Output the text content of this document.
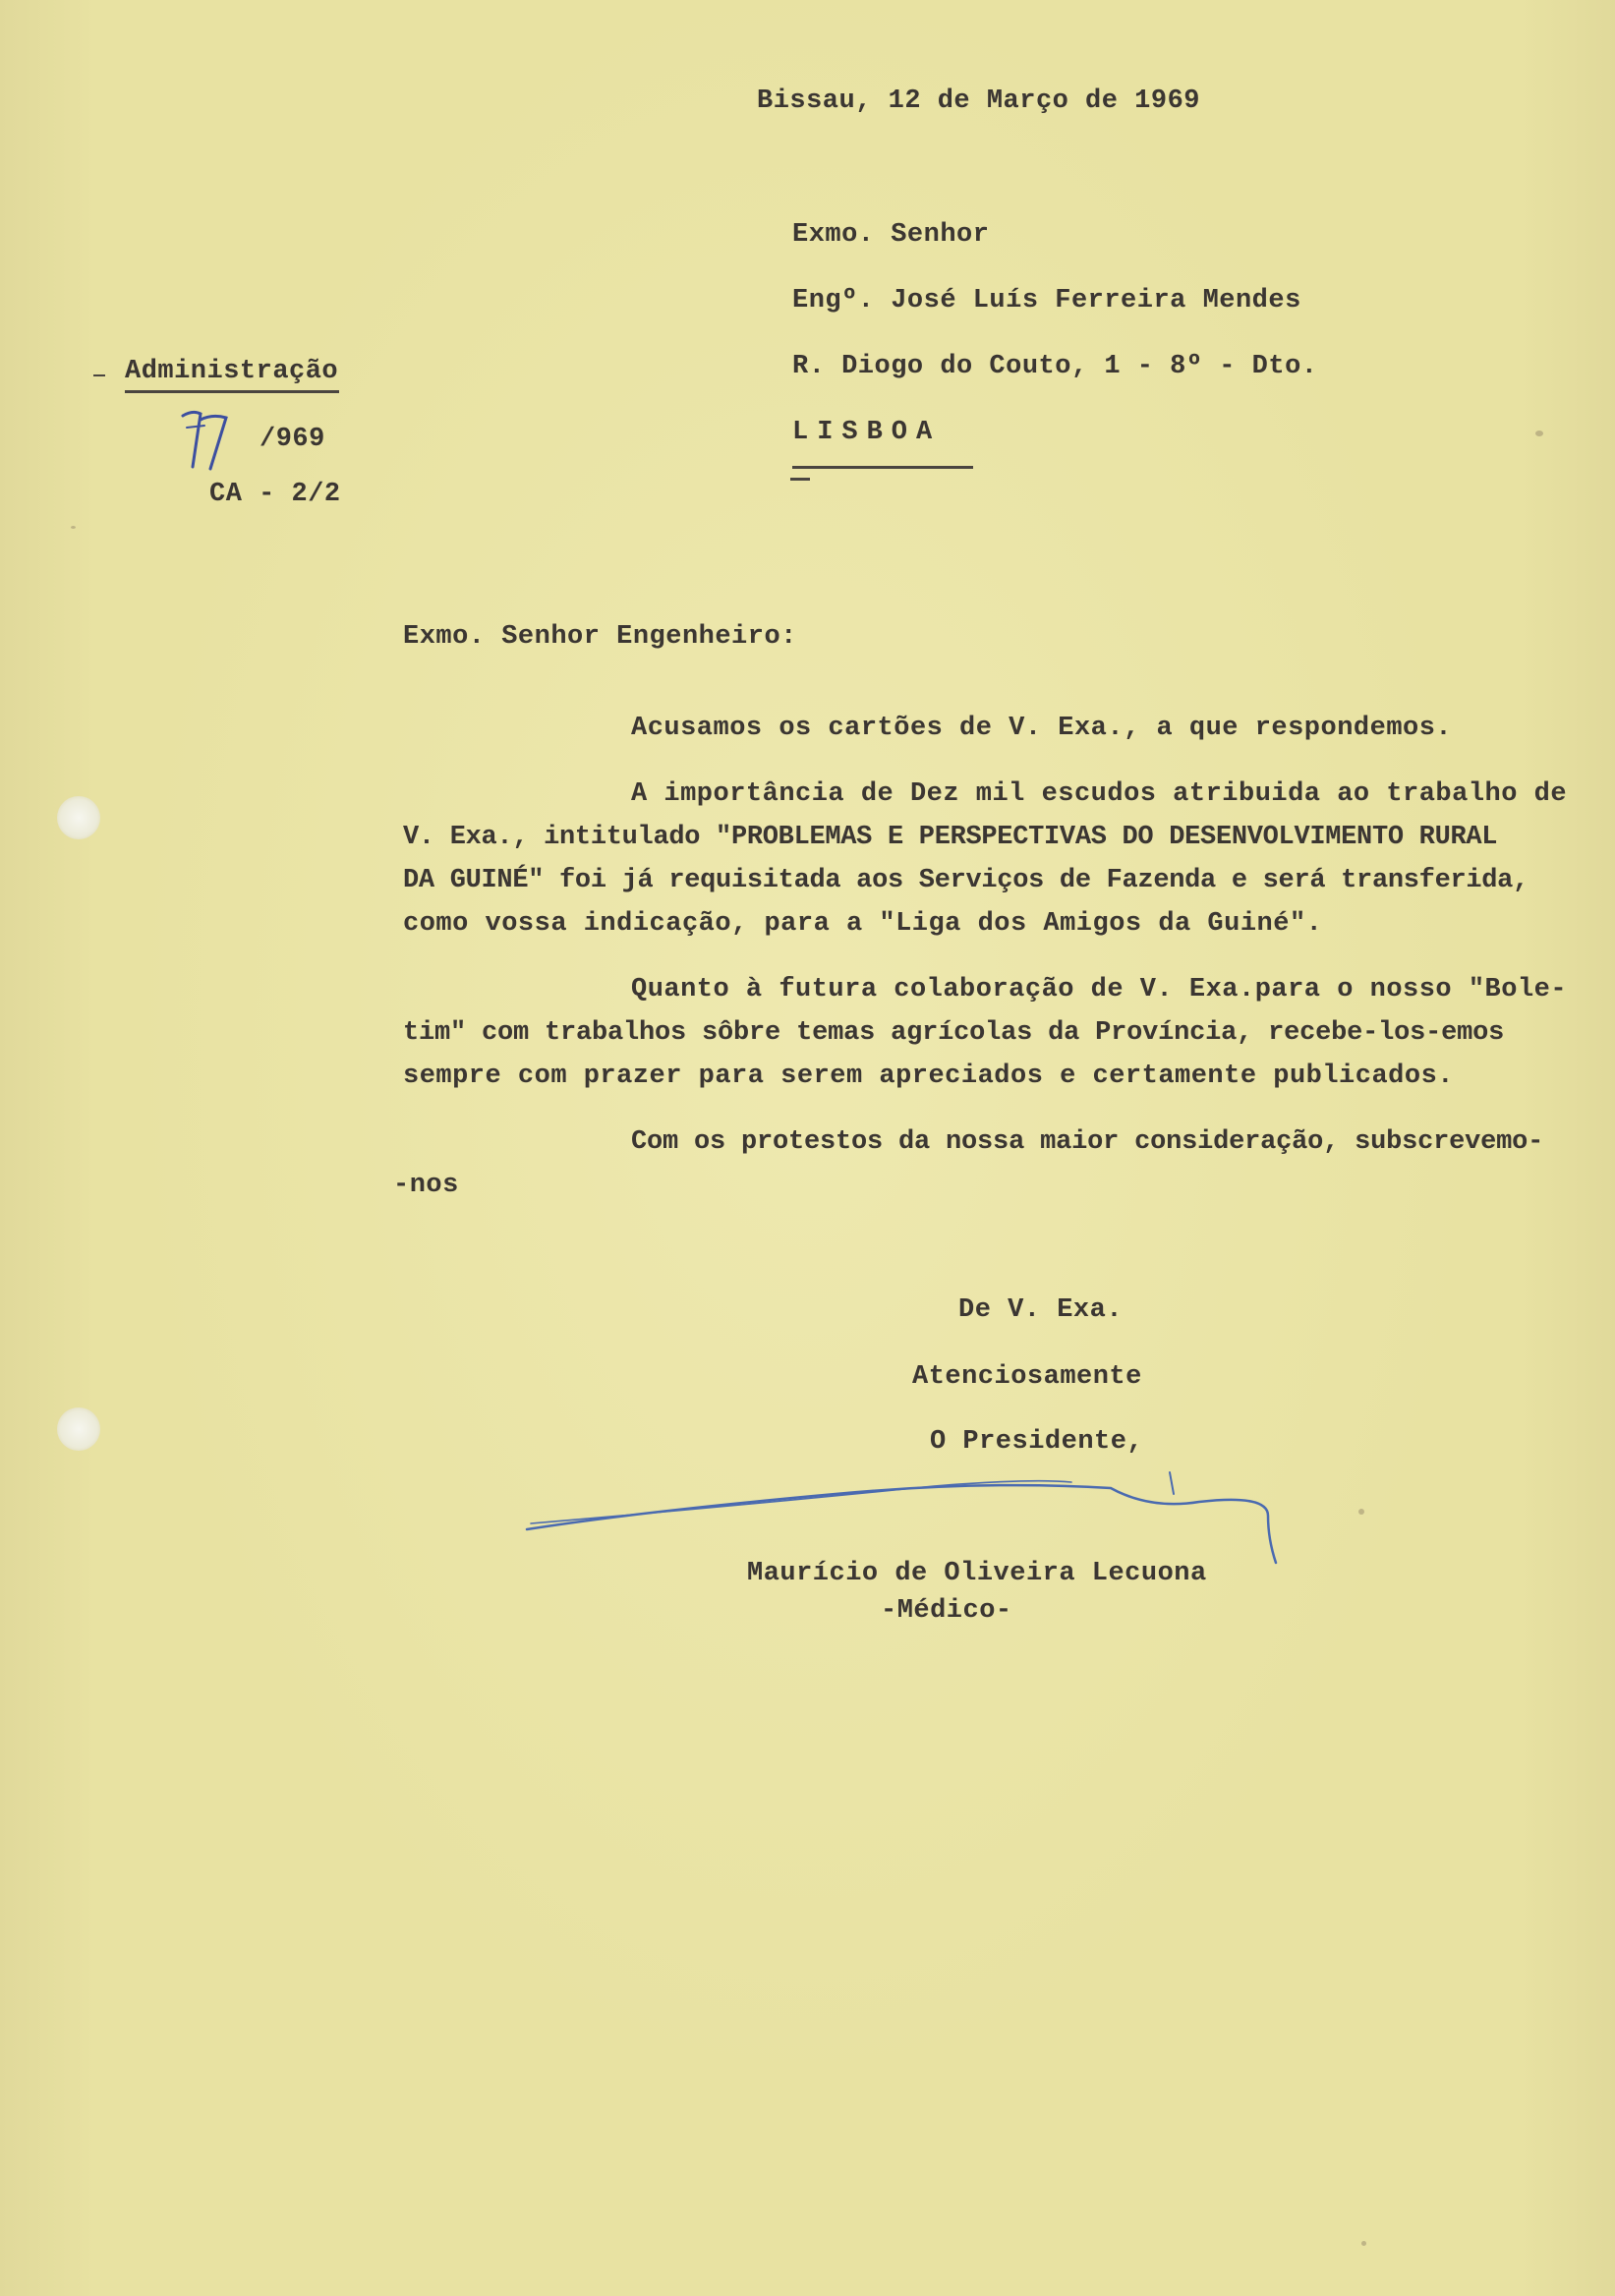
Bissau, 12 de Março de 1969
Exmo. Senhor
Engº. José Luís Ferreira Mendes
R. Diogo do Couto, 1 - 8º - Dto.
LISBOA
Administração
/969
CA - 2/2
Exmo. Senhor Engenheiro:
Acusamos os cartões de V. Exa., a que respondemos.
A importância de Dez mil escudos atribuida ao trabalho de
V. Exa., intitulado "PROBLEMAS E PERSPECTIVAS DO DESENVOLVIMENTO RURAL
DA GUINÉ" foi já requisitada aos Serviços de Fazenda e será transferida,
como vossa indicação, para a "Liga dos Amigos da Guiné".
Quanto à futura colaboração de V. Exa.para o nosso "Bole-
tim" com trabalhos sôbre temas agrícolas da Província, recebe-los-emos
sempre com prazer para serem apreciados e certamente publicados.
Com os protestos da nossa maior consideração, subscrevemo-
-nos
De V. Exa.
Atenciosamente
O Presidente,
Maurício de Oliveira Lecuona
-Médico-
